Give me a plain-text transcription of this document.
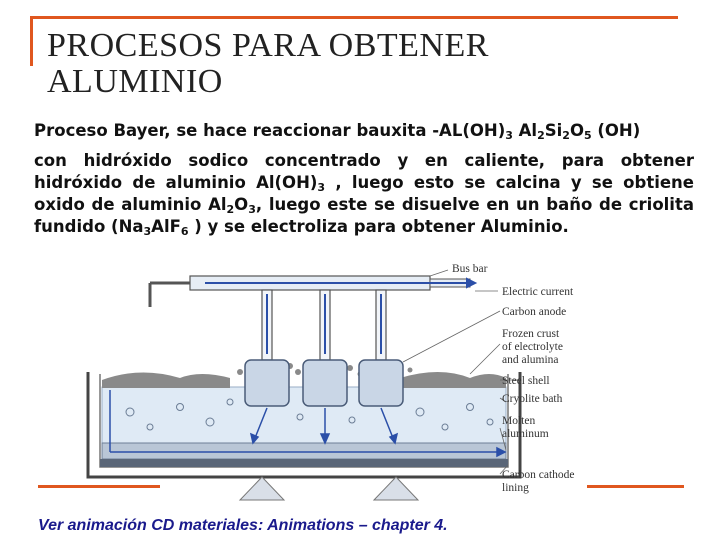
PROCESOS PARA OBTENER
ALUMINIO

Proceso Bayer, se hace reaccionar bauxita $-AL(OH)_3$ $Al_2Si_2O_5$ (OH)

con hidróxido sodico concentrado y en caliente, para obtener hidróxido de aluminio $Al(OH)_3$ , luego esto se calcina y se obtiene oxido de aluminio $Al_2O_3$, luego este se disuelve en un baño de criolita fundido ($Na_3AlF_6$ ) y se electroliza para obtener Aluminio.

Bus bar
Electric current
Carbon anode
Frozen crust
of electrolyte
and alumina
Steel shell
Cryolite bath
Molten
aluminum
Carbon cathode
lining
Ver animación CD materiales: Animations – chapter 4.
